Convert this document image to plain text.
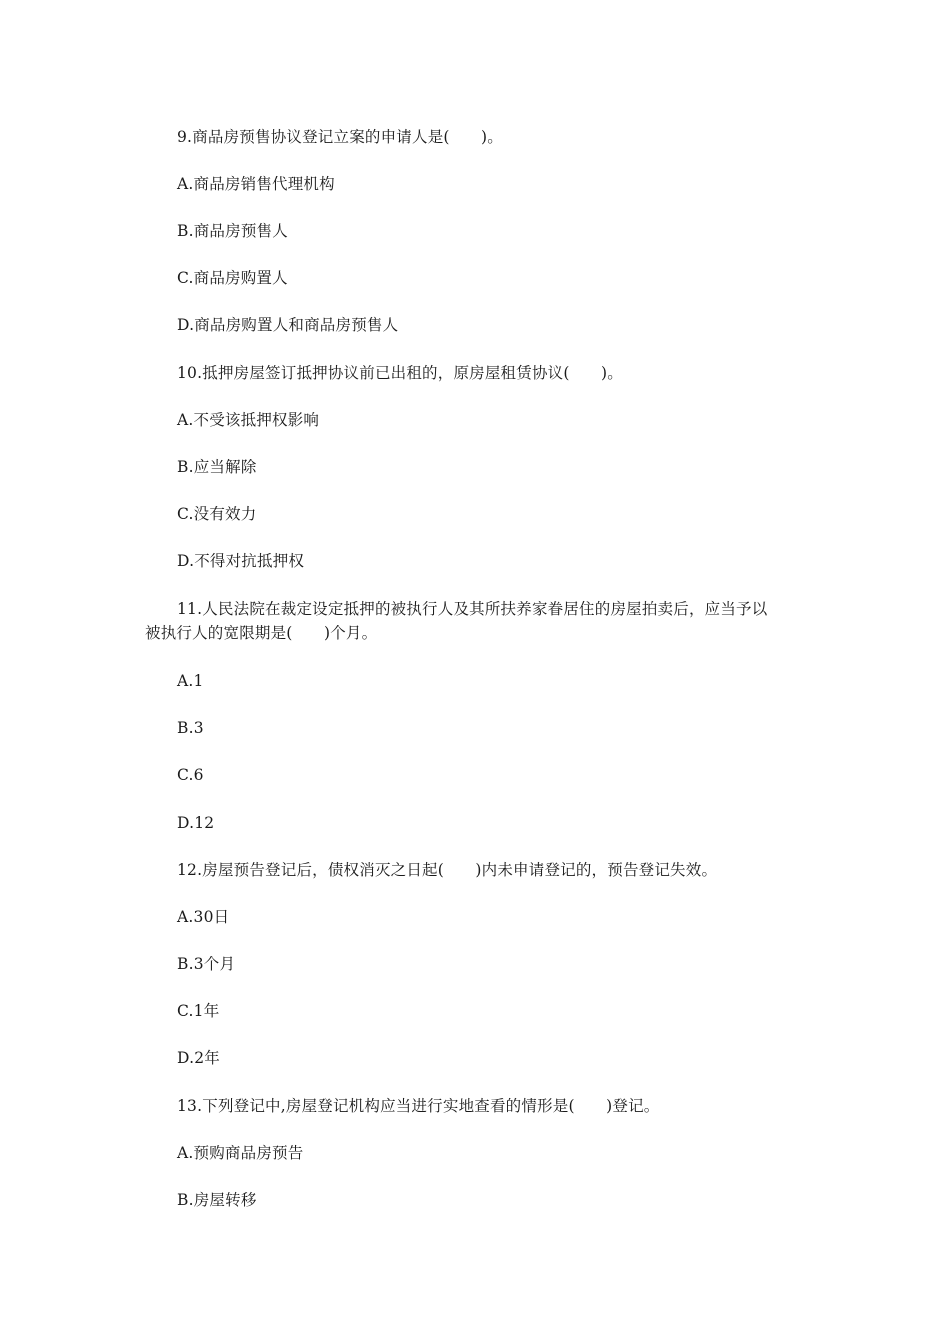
9.商品房预售协议登记立案的申请人是(　　)。
A.商品房销售代理机构
B.商品房预售人
C.商品房购置人
D.商品房购置人和商品房预售人
10.抵押房屋签订抵押协议前已出租的，原房屋租赁协议(　　)。
A.不受该抵押权影响
B.应当解除
C.没有效力
D.不得对抗抵押权
11.人民法院在裁定设定抵押的被执行人及其所扶养家眷居住的房屋拍卖后，应当予以
被执行人的宽限期是(　　)个月。
A.1
B.3
C.6
D.12
12.房屋预告登记后，债权消灭之日起(　　)内未申请登记的，预告登记失效。
A.30日
B.3个月
C.1年
D.2年
13.下列登记中,房屋登记机构应当进行实地查看的情形是(　　)登记。
A.预购商品房预告
B.房屋转移
